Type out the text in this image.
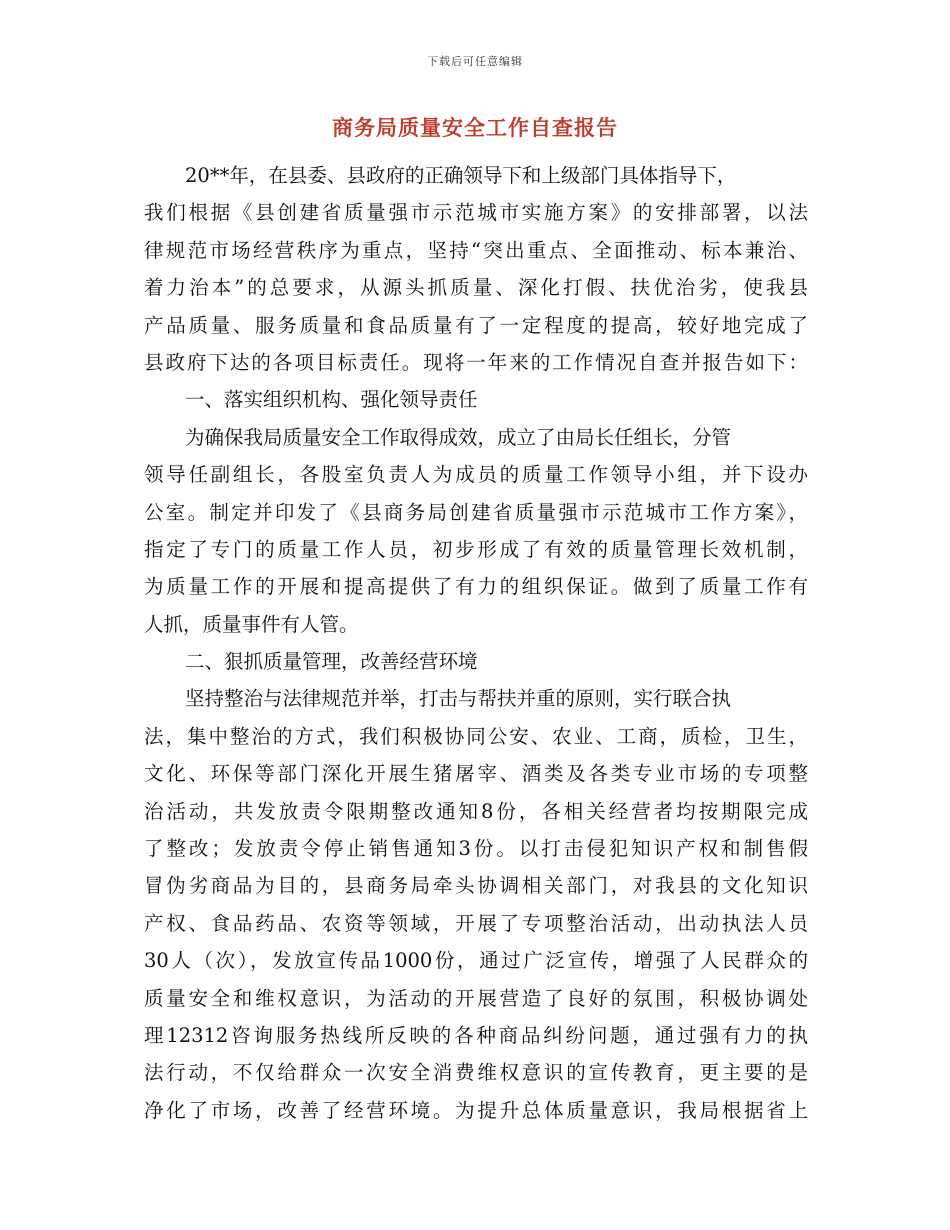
下载后可任意编辑
商务局质量安全工作自查报告
20**年，在县委、县政府的正确领导下和上级部门具体指导下，
我们根据《县创建省质量强市示范城市实施方案》的安排部署，以法
律规范市场经营秩序为重点，坚持“突出重点、全面推动、标本兼治、
着力治本”的总要求，从源头抓质量、深化打假、扶优治劣，使我县
产品质量、服务质量和食品质量有了一定程度的提高，较好地完成了
县政府下达的各项目标责任。现将一年来的工作情况自查并报告如下：
一、落实组织机构、强化领导责任
为确保我局质量安全工作取得成效，成立了由局长任组长，分管
领导任副组长，各股室负责人为成员的质量工作领导小组，并下设办
公室。制定并印发了《县商务局创建省质量强市示范城市工作方案》，
指定了专门的质量工作人员，初步形成了有效的质量管理长效机制，
为质量工作的开展和提高提供了有力的组织保证。做到了质量工作有
人抓，质量事件有人管。
二、狠抓质量管理，改善经营环境
坚持整治与法律规范并举，打击与帮扶并重的原则，实行联合执
法，集中整治的方式，我们积极协同公安、农业、工商，质检，卫生，
文化、环保等部门深化开展生猪屠宰、酒类及各类专业市场的专项整
治活动，共发放责令限期整改通知8份，各相关经营者均按期限完成
了整改；发放责令停止销售通知3份。以打击侵犯知识产权和制售假
冒伪劣商品为目的，县商务局牵头协调相关部门，对我县的文化知识
产权、食品药品、农资等领域，开展了专项整治活动，出动执法人员
30人（次），发放宣传品1000份，通过广泛宣传，增强了人民群众的
质量安全和维权意识，为活动的开展营造了良好的氛围，积极协调处
理12312咨询服务热线所反映的各种商品纠纷问题，通过强有力的执
法行动，不仅给群众一次安全消费维权意识的宣传教育，更主要的是
净化了市场，改善了经营环境。为提升总体质量意识，我局根据省上
